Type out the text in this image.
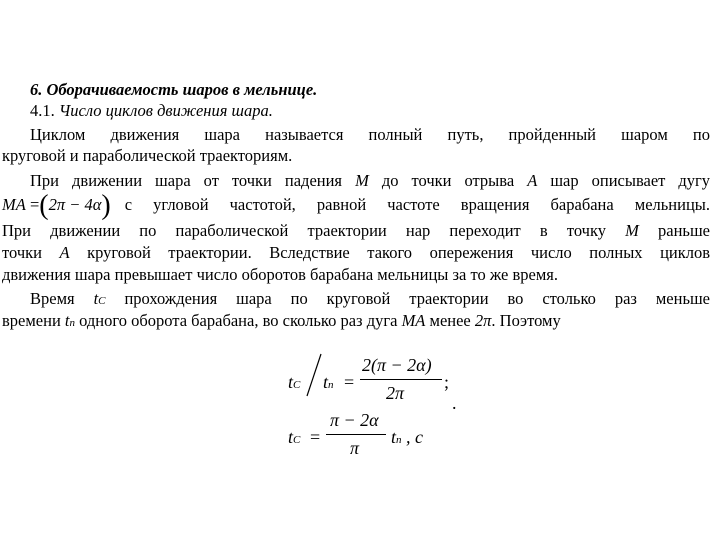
6. Оборачиваемость шаров в мельнице.
4.1. Число циклов движения шара.
Циклом движения шара называется полный путь, пройденный шаром по
круговой и параболической траекториям.
При движении шара от точки падения M до точки отрыва A шар описывает дугу
MA =(2π − 4α) с угловой частотой, равной частоте вращения барабана мельницы.
При движении по параболической траектории нар переходит в точку M раньше
точки A круговой траектории. Вследствие такого опережения число полных циклов
движения шара превышает число оборотов барабана мельницы за то же время.
Время tC прохождения шара по круговой траектории во столько раз меньше
времени tп одного оборота барабана, во сколько раз дуга MA менее 2π. Поэтому
tC tn =
2(π − 2α)
2π
;
.
tC =
π − 2α
π
tn , с
